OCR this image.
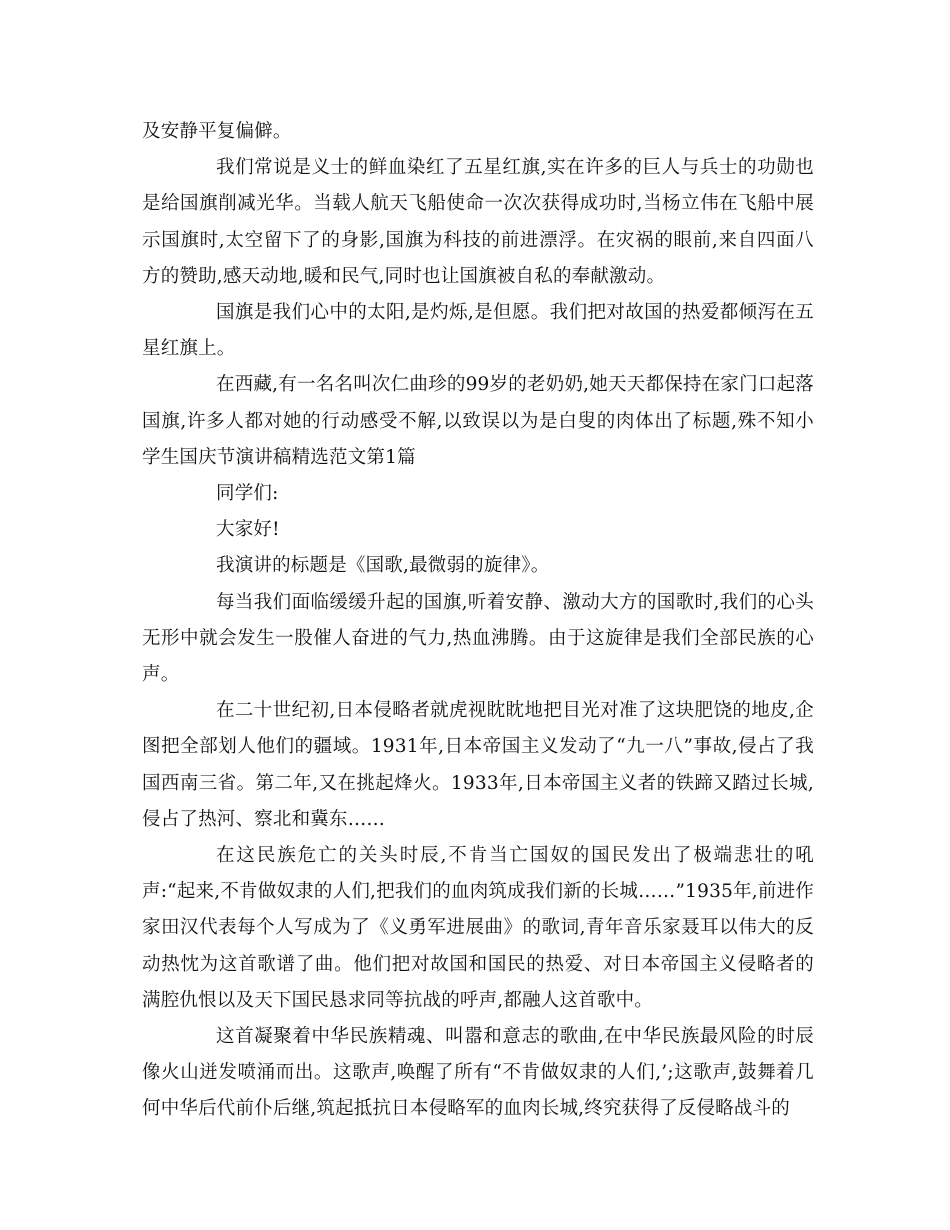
及安静平复偏僻。

我们常说是义士的鲜血染红了五星红旗,实在许多的巨人与兵士的功勋也是给国旗削减光华。当载人航天飞船使命一次次获得成功时,当杨立伟在飞船中展示国旗时,太空留下了的身影,国旗为科技的前进漂浮。在灾祸的眼前,来自四面八方的赞助,感天动地,暖和民气,同时也让国旗被自私的奉献激动。

国旗是我们心中的太阳,是灼烁,是但愿。我们把对故国的热爱都倾泻在五星红旗上。

在西藏,有一名名叫次仁曲珍的99岁的老奶奶,她天天都保持在家门口起落国旗,许多人都对她的行动感受不解,以致误以为是白叟的肉体出了标题,殊不知小学生国庆节演讲稿精选范文第1篇

同学们:

大家好!

我演讲的标题是《国歌,最微弱的旋律》。

每当我们面临缓缓升起的国旗,听着安静、激动大方的国歌时,我们的心头无形中就会发生一股催人奋进的气力,热血沸腾。由于这旋律是我们全部民族的心声。

在二十世纪初,日本侵略者就虎视眈眈地把目光对准了这块肥饶的地皮,企图把全部划人他们的疆域。1931年,日本帝国主义发动了“九一八”事故,侵占了我国西南三省。第二年,又在挑起烽火。1933年,日本帝国主义者的铁蹄又踏过长城,侵占了热河、察北和冀东……

在这民族危亡的关头时辰,不肯当亡国奴的国民发出了极端悲壮的吼声:“起来,不肯做奴隶的人们,把我们的血肉筑成我们新的长城……”1935年,前进作家田汉代表每个人写成为了《义勇军进展曲》的歌词,青年音乐家聂耳以伟大的反动热忱为这首歌谱了曲。他们把对故国和国民的热爱、对日本帝国主义侵略者的满腔仇恨以及天下国民恳求同等抗战的呼声,都融人这首歌中。

这首凝聚着中华民族精魂、叫嚣和意志的歌曲,在中华民族最风险的时辰像火山迸发喷涌而出。这歌声,唤醒了所有“不肯做奴隶的人们,’;这歌声,鼓舞着几何中华后代前仆后继,筑起抵抗日本侵略军的血肉长城,终究获得了反侵略战斗的
